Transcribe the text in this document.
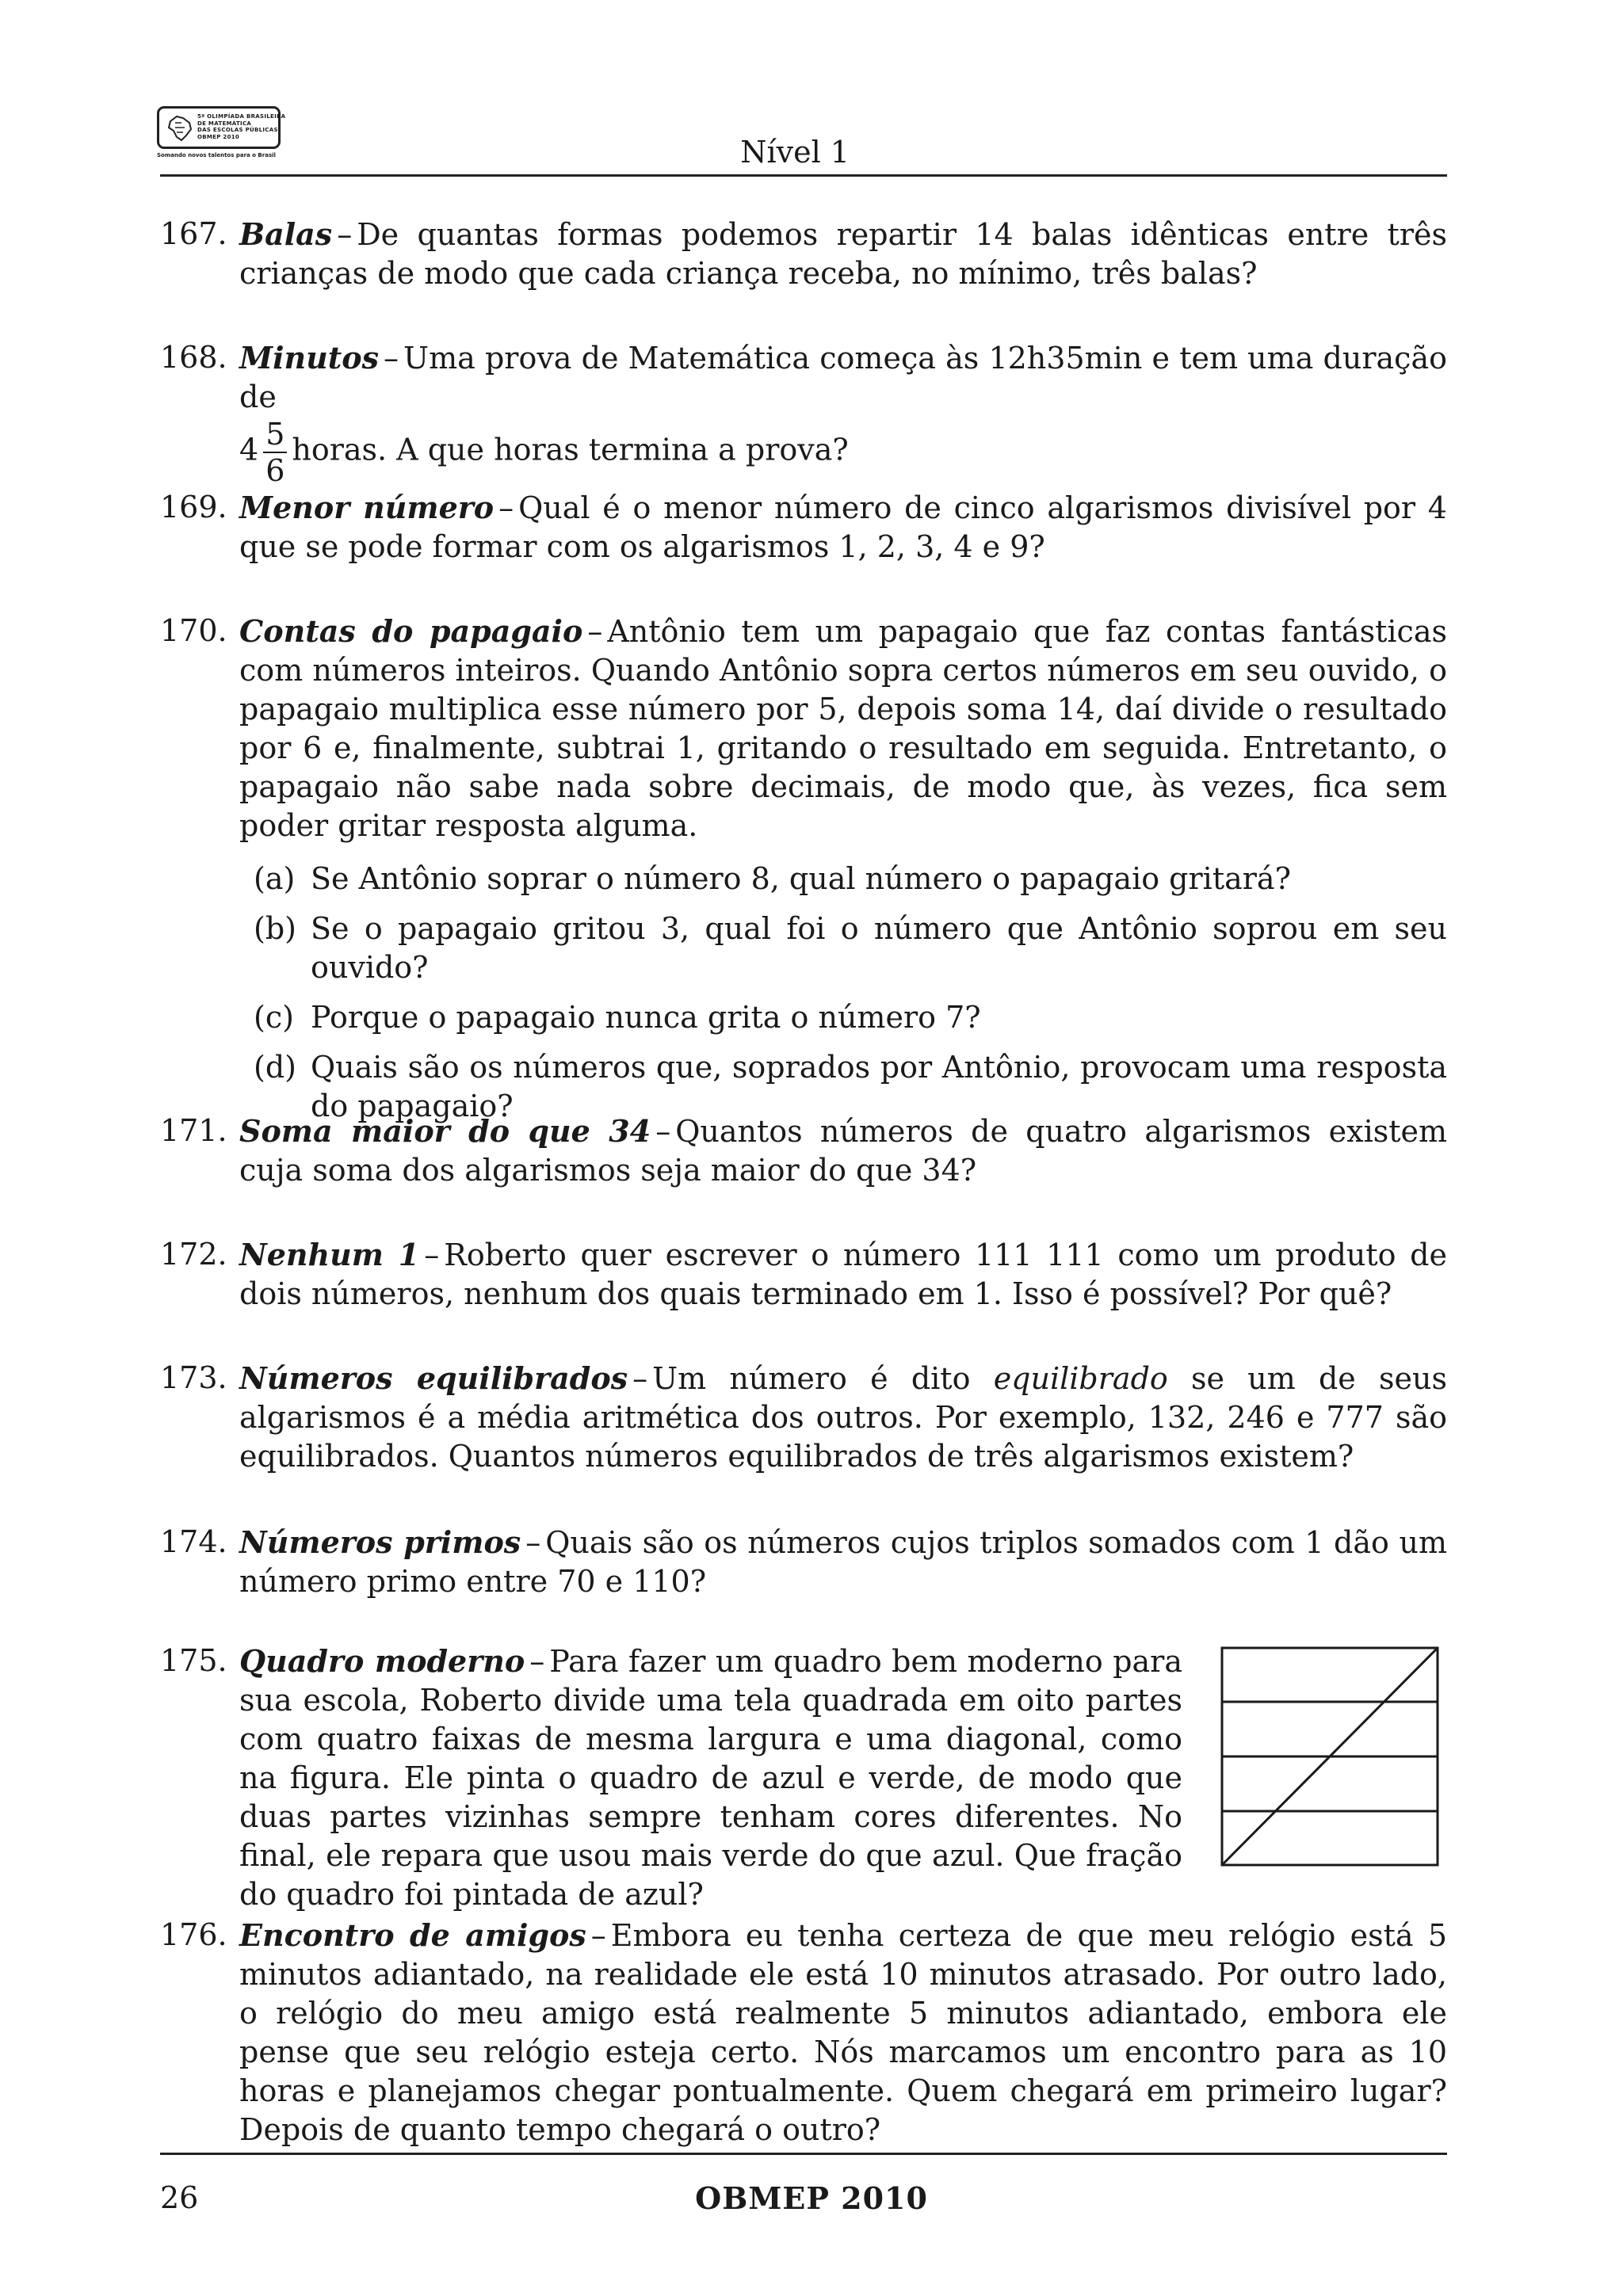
5ª OLIMPÍADA BRASILEIRA
DE MATEMÁTICA
DAS ESCOLAS PÚBLICAS
OBMEP 2010
Somando novos talentos para o Brasil	Nível 1
167. Balas – De quantas formas podemos repartir 14 balas idênticas entre três crianças de modo que cada criança receba, no mínimo, três balas?
168. Minutos – Uma prova de Matemática começa às 12h35min e tem uma duração de
$4 \frac{5}{6}$ horas. A que horas termina a prova?
169. Menor número – Qual é o menor número de cinco algarismos divisível por 4 que se pode formar com os algarismos 1, 2, 3, 4 e 9?
170. Contas do papagaio – Antônio tem um papagaio que faz contas fantásticas com números inteiros. Quando Antônio sopra certos números em seu ouvido, o papagaio multiplica esse número por 5, depois soma 14, daí divide o resultado por 6 e, finalmente, subtrai 1, gritando o resultado em seguida. Entretanto, o papagaio não sabe nada sobre decimais, de modo que, às vezes, fica sem poder gritar resposta alguma.
(a) Se Antônio soprar o número 8, qual número o papagaio gritará?
(b) Se o papagaio gritou 3, qual foi o número que Antônio soprou em seu ouvido?
(c) Porque o papagaio nunca grita o número 7?
(d) Quais são os números que, soprados por Antônio, provocam uma resposta do papagaio?
171. Soma maior do que 34 – Quantos números de quatro algarismos existem cuja soma dos algarismos seja maior do que 34?
172. Nenhum 1 – Roberto quer escrever o número 111 111 como um produto de dois números, nenhum dos quais terminado em 1. Isso é possível? Por quê?
173. Números equilibrados – Um número é dito equilibrado se um de seus algarismos é a média aritmética dos outros. Por exemplo, 132, 246 e 777 são equilibrados. Quantos números equilibrados de três algarismos existem?
174. Números primos – Quais são os números cujos triplos somados com 1 dão um número primo entre 70 e 110?
175. Quadro moderno – Para fazer um quadro bem moderno para sua escola, Roberto divide uma tela quadrada em oito partes com quatro faixas de mesma largura e uma diagonal, como na figura. Ele pinta o quadro de azul e verde, de modo que duas partes vizinhas sempre tenham cores diferentes. No final, ele repara que usou mais verde do que azul. Que fração do quadro foi pintada de azul?
176. Encontro de amigos – Embora eu tenha certeza de que meu relógio está 5 minutos adiantado, na realidade ele está 10 minutos atrasado. Por outro lado, o relógio do meu amigo está realmente 5 minutos adiantado, embora ele pense que seu relógio esteja certo. Nós marcamos um encontro para as 10 horas e planejamos chegar pontualmente. Quem chegará em primeiro lugar? Depois de quanto tempo chegará o outro?
26	OBMEP 2010
